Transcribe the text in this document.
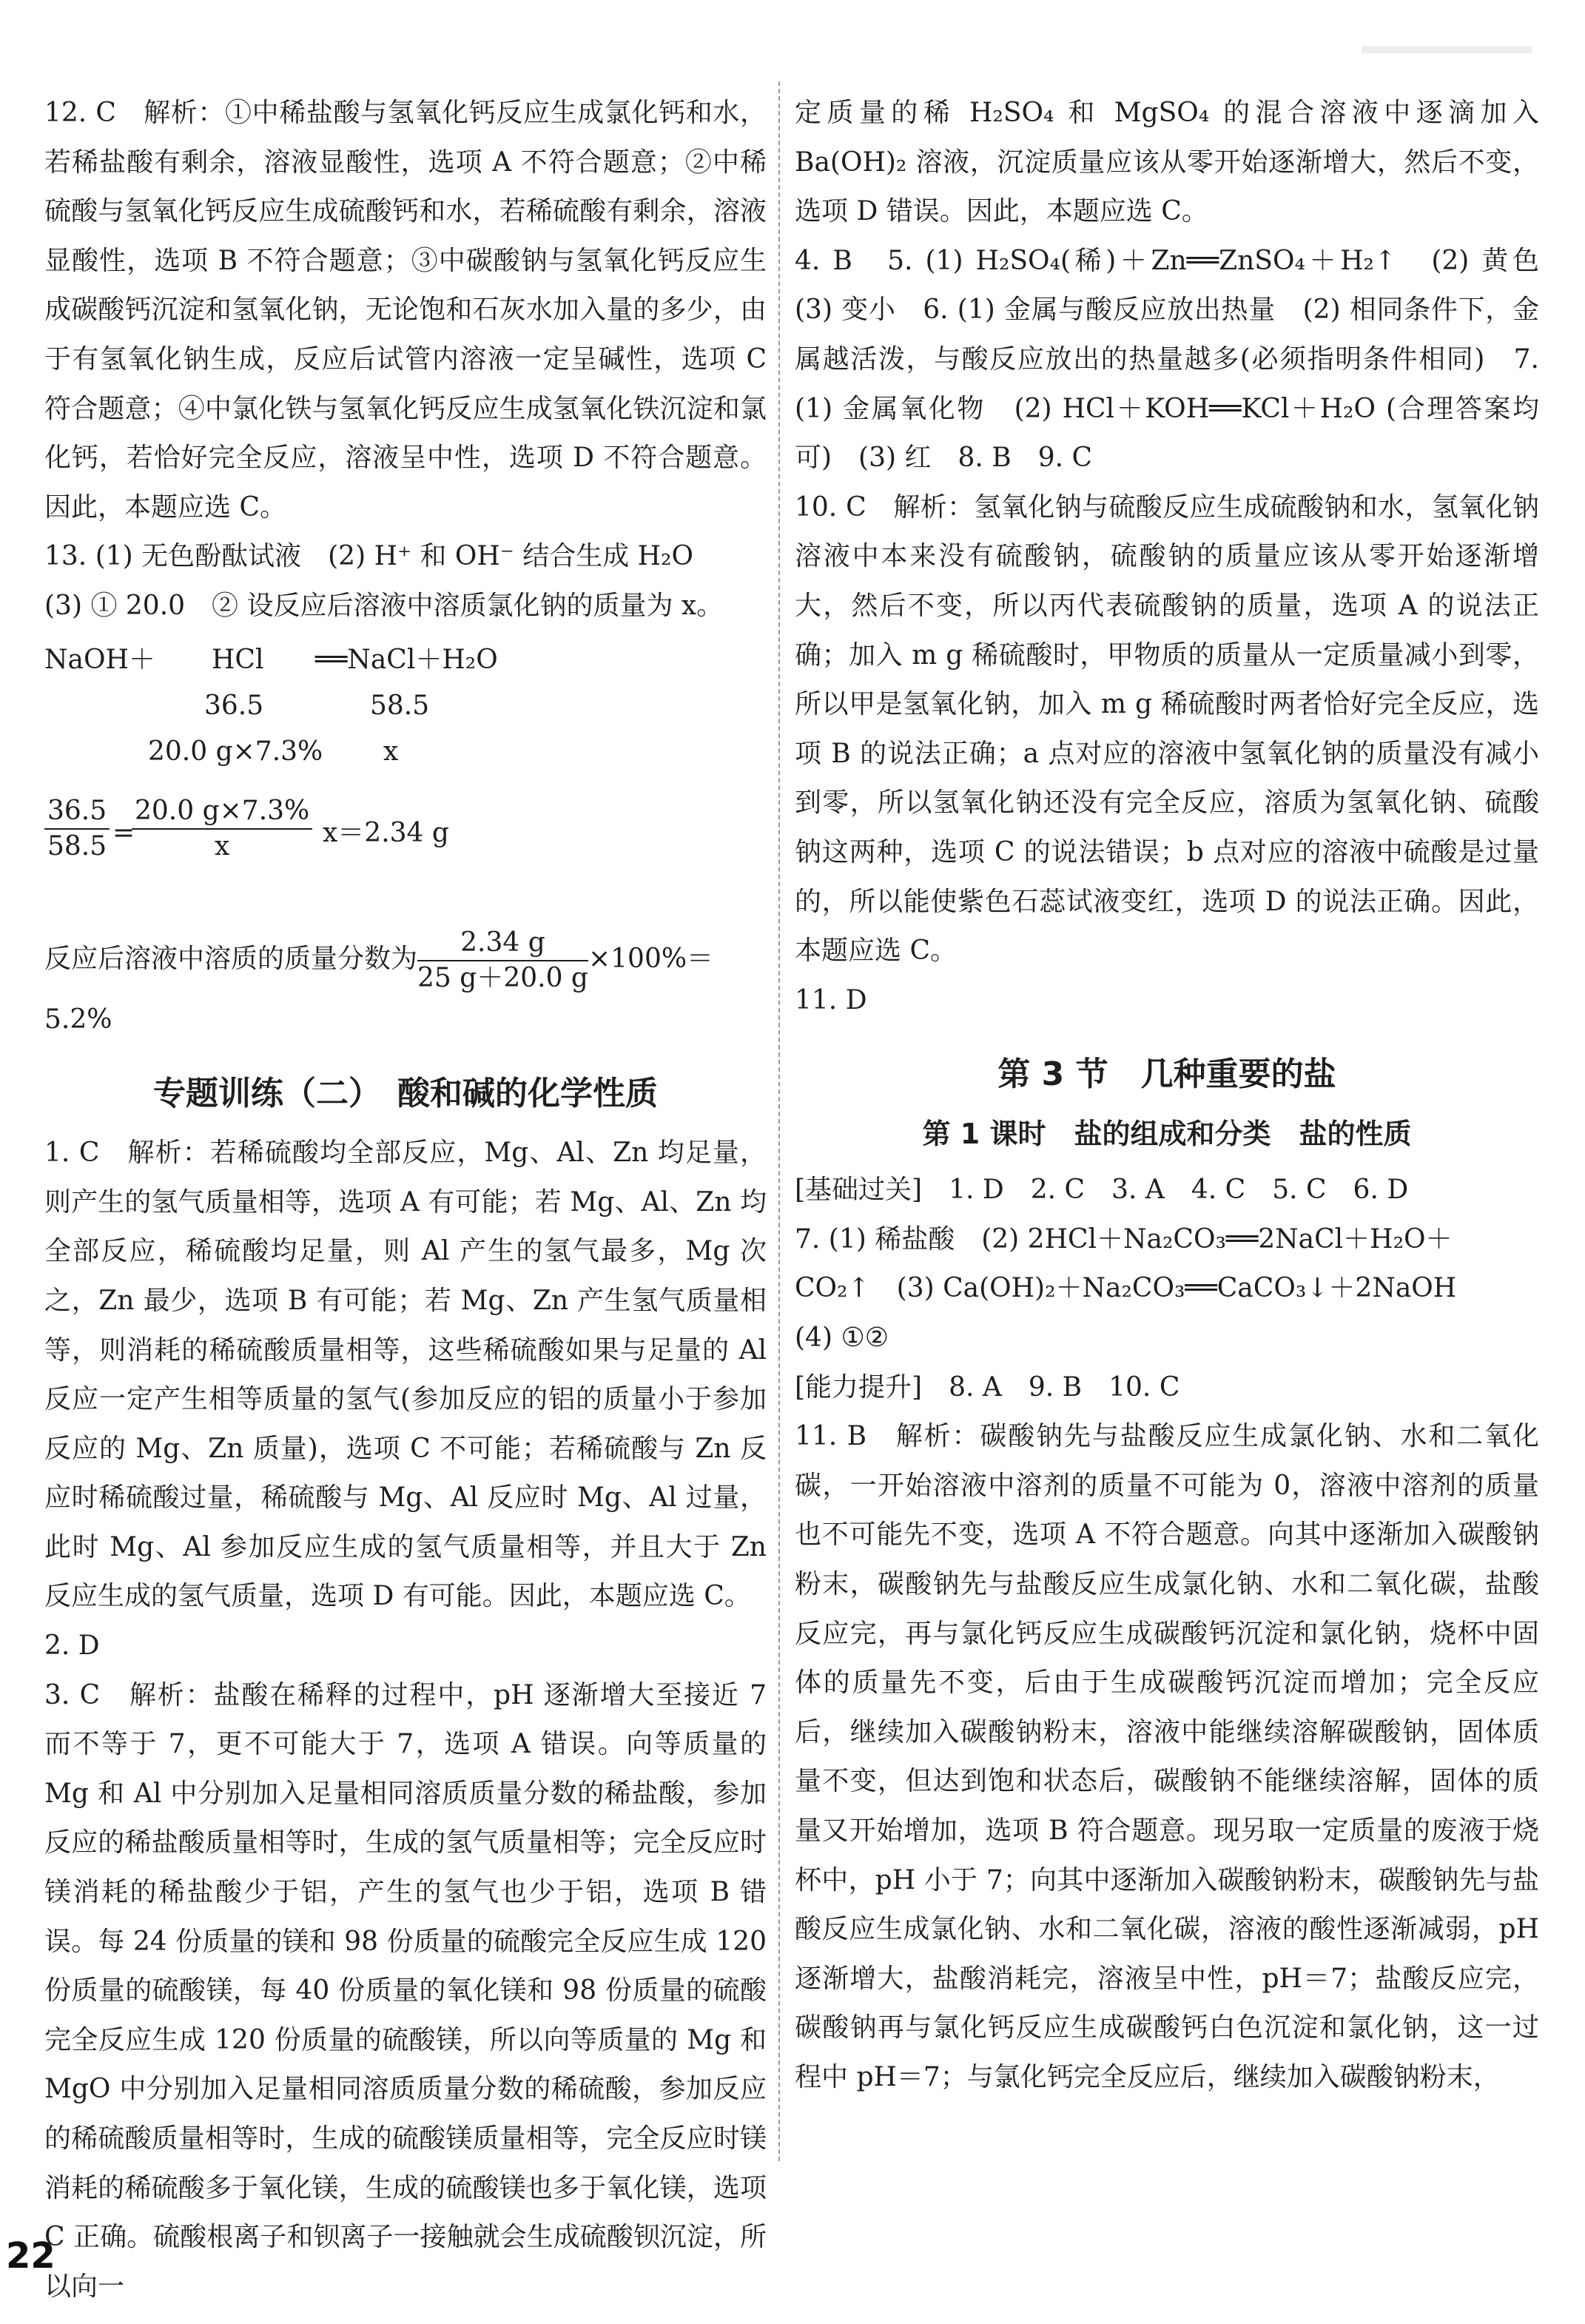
12. C　解析：①中稀盐酸与氢氧化钙反应生成氯化钙和水，若稀盐酸有剩余，溶液显酸性，选项 A 不符合题意；②中稀硫酸与氢氧化钙反应生成硫酸钙和水，若稀硫酸有剩余，溶液显酸性，选项 B 不符合题意；③中碳酸钠与氢氧化钙反应生成碳酸钙沉淀和氢氧化钠，无论饱和石灰水加入量的多少，由于有氢氧化钠生成，反应后试管内溶液一定呈碱性，选项 C 符合题意；④中氯化铁与氢氧化钙反应生成氢氧化铁沉淀和氯化钙，若恰好完全反应，溶液呈中性，选项 D 不符合题意。因此，本题应选 C。

13. (1) 无色酚酞试液　(2) H⁺ 和 OH⁻ 结合生成 H₂O

(3) ① 20.0　② 设反应后溶液中溶质氯化钠的质量为 x。

NaOH＋ HCl ══NaCl＋H₂O
36.5	58.5
20.0 g×7.3% x
$\frac{36.5}{58.5}$ =
$\frac{20.0 g\times 7.3\%}{x} x=2.34$ g
反应后溶液中溶质的质量分数为 $\frac{2.34 g}{25 g+20.0 g} \times 100\%=5.2\%$
专题训练（二）　酸和碱的化学性质

1. C　解析：若稀硫酸均全部反应，Mg、Al、Zn 均足量，则产生的氢气质量相等，选项 A 有可能；若 Mg、Al、Zn 均全部反应，稀硫酸均足量，则 Al 产生的氢气最多，Mg 次之，Zn 最少，选项 B 有可能；若 Mg、Zn 产生氢气质量相等，则消耗的稀硫酸质量相等，这些稀硫酸如果与足量的 Al 反应一定产生相等质量的氢气(参加反应的铝的质量小于参加反应的 Mg、Zn 质量)，选项 C 不可能；若稀硫酸与 Zn 反应时稀硫酸过量，稀硫酸与 Mg、Al 反应时 Mg、Al 过量，此时 Mg、Al 参加反应生成的氢气质量相等，并且大于 Zn 反应生成的氢气质量，选项 D 有可能。因此，本题应选 C。

2. D

3. C　解析：盐酸在稀释的过程中，pH 逐渐增大至接近 7 而不等于 7，更不可能大于 7，选项 A 错误。向等质量的 Mg 和 Al 中分别加入足量相同溶质质量分数的稀盐酸，参加反应的稀盐酸质量相等时，生成的氢气质量相等；完全反应时镁消耗的稀盐酸少于铝，产生的氢气也少于铝，选项 B 错误。每 24 份质量的镁和 98 份质量的硫酸完全反应生成 120 份质量的硫酸镁，每 40 份质量的氧化镁和 98 份质量的硫酸完全反应生成 120 份质量的硫酸镁，所以向等质量的 Mg 和 MgO 中分别加入足量相同溶质质量分数的稀硫酸，参加反应的稀硫酸质量相等时，生成的硫酸镁质量相等，完全反应时镁消耗的稀硫酸多于氧化镁，生成的硫酸镁也多于氧化镁，选项 C 正确。硫酸根离子和钡离子一接触就会生成硫酸钡沉淀，所以向一

定质量的稀 H₂SO₄ 和 MgSO₄ 的混合溶液中逐滴加入 Ba(OH)₂ 溶液，沉淀质量应该从零开始逐渐增大，然后不变，选项 D 错误。因此，本题应选 C。

4. B　5. (1) H₂SO₄(稀)＋Zn══ZnSO₄＋H₂↑　(2) 黄色　(3) 变小　6. (1) 金属与酸反应放出热量　(2) 相同条件下，金属越活泼，与酸反应放出的热量越多(必须指明条件相同)　7. (1) 金属氧化物　(2) HCl＋KOH══KCl＋H₂O (合理答案均可)　(3) 红　8. B　9. C

10. C　解析：氢氧化钠与硫酸反应生成硫酸钠和水，氢氧化钠溶液中本来没有硫酸钠，硫酸钠的质量应该从零开始逐渐增大，然后不变，所以丙代表硫酸钠的质量，选项 A 的说法正确；加入 m g 稀硫酸时，甲物质的质量从一定质量减小到零，所以甲是氢氧化钠，加入 m g 稀硫酸时两者恰好完全反应，选项 B 的说法正确；a 点对应的溶液中氢氧化钠的质量没有减小到零，所以氢氧化钠还没有完全反应，溶质为氢氧化钠、硫酸钠这两种，选项 C 的说法错误；b 点对应的溶液中硫酸是过量的，所以能使紫色石蕊试液变红，选项 D 的说法正确。因此，本题应选 C。

11. D

第 3 节　几种重要的盐
第 1 课时　盐的组成和分类　盐的性质

[基础过关]　1. D　2. C　3. A　4. C　5. C　6. D

7. (1) 稀盐酸　(2) 2HCl＋Na₂CO₃══2NaCl＋H₂O＋

CO₂↑　(3) Ca(OH)₂＋Na₂CO₃══CaCO₃↓＋2NaOH

(4) ①②

[能力提升]　8. A　9. B　10. C

11. B　解析：碳酸钠先与盐酸反应生成氯化钠、水和二氧化碳，一开始溶液中溶剂的质量不可能为 0，溶液中溶剂的质量也不可能先不变，选项 A 不符合题意。向其中逐渐加入碳酸钠粉末，碳酸钠先与盐酸反应生成氯化钠、水和二氧化碳，盐酸反应完，再与氯化钙反应生成碳酸钙沉淀和氯化钠，烧杯中固体的质量先不变，后由于生成碳酸钙沉淀而增加；完全反应后，继续加入碳酸钠粉末，溶液中能继续溶解碳酸钠，固体质量不变，但达到饱和状态后，碳酸钠不能继续溶解，固体的质量又开始增加，选项 B 符合题意。现另取一定质量的废液于烧杯中，pH 小于 7；向其中逐渐加入碳酸钠粉末，碳酸钠先与盐酸反应生成氯化钠、水和二氧化碳，溶液的酸性逐渐减弱，pH 逐渐增大，盐酸消耗完，溶液呈中性，pH＝7；盐酸反应完，碳酸钠再与氯化钙反应生成碳酸钙白色沉淀和氯化钠，这一过程中 pH＝7；与氯化钙完全反应后，继续加入碳酸钠粉末，

22
